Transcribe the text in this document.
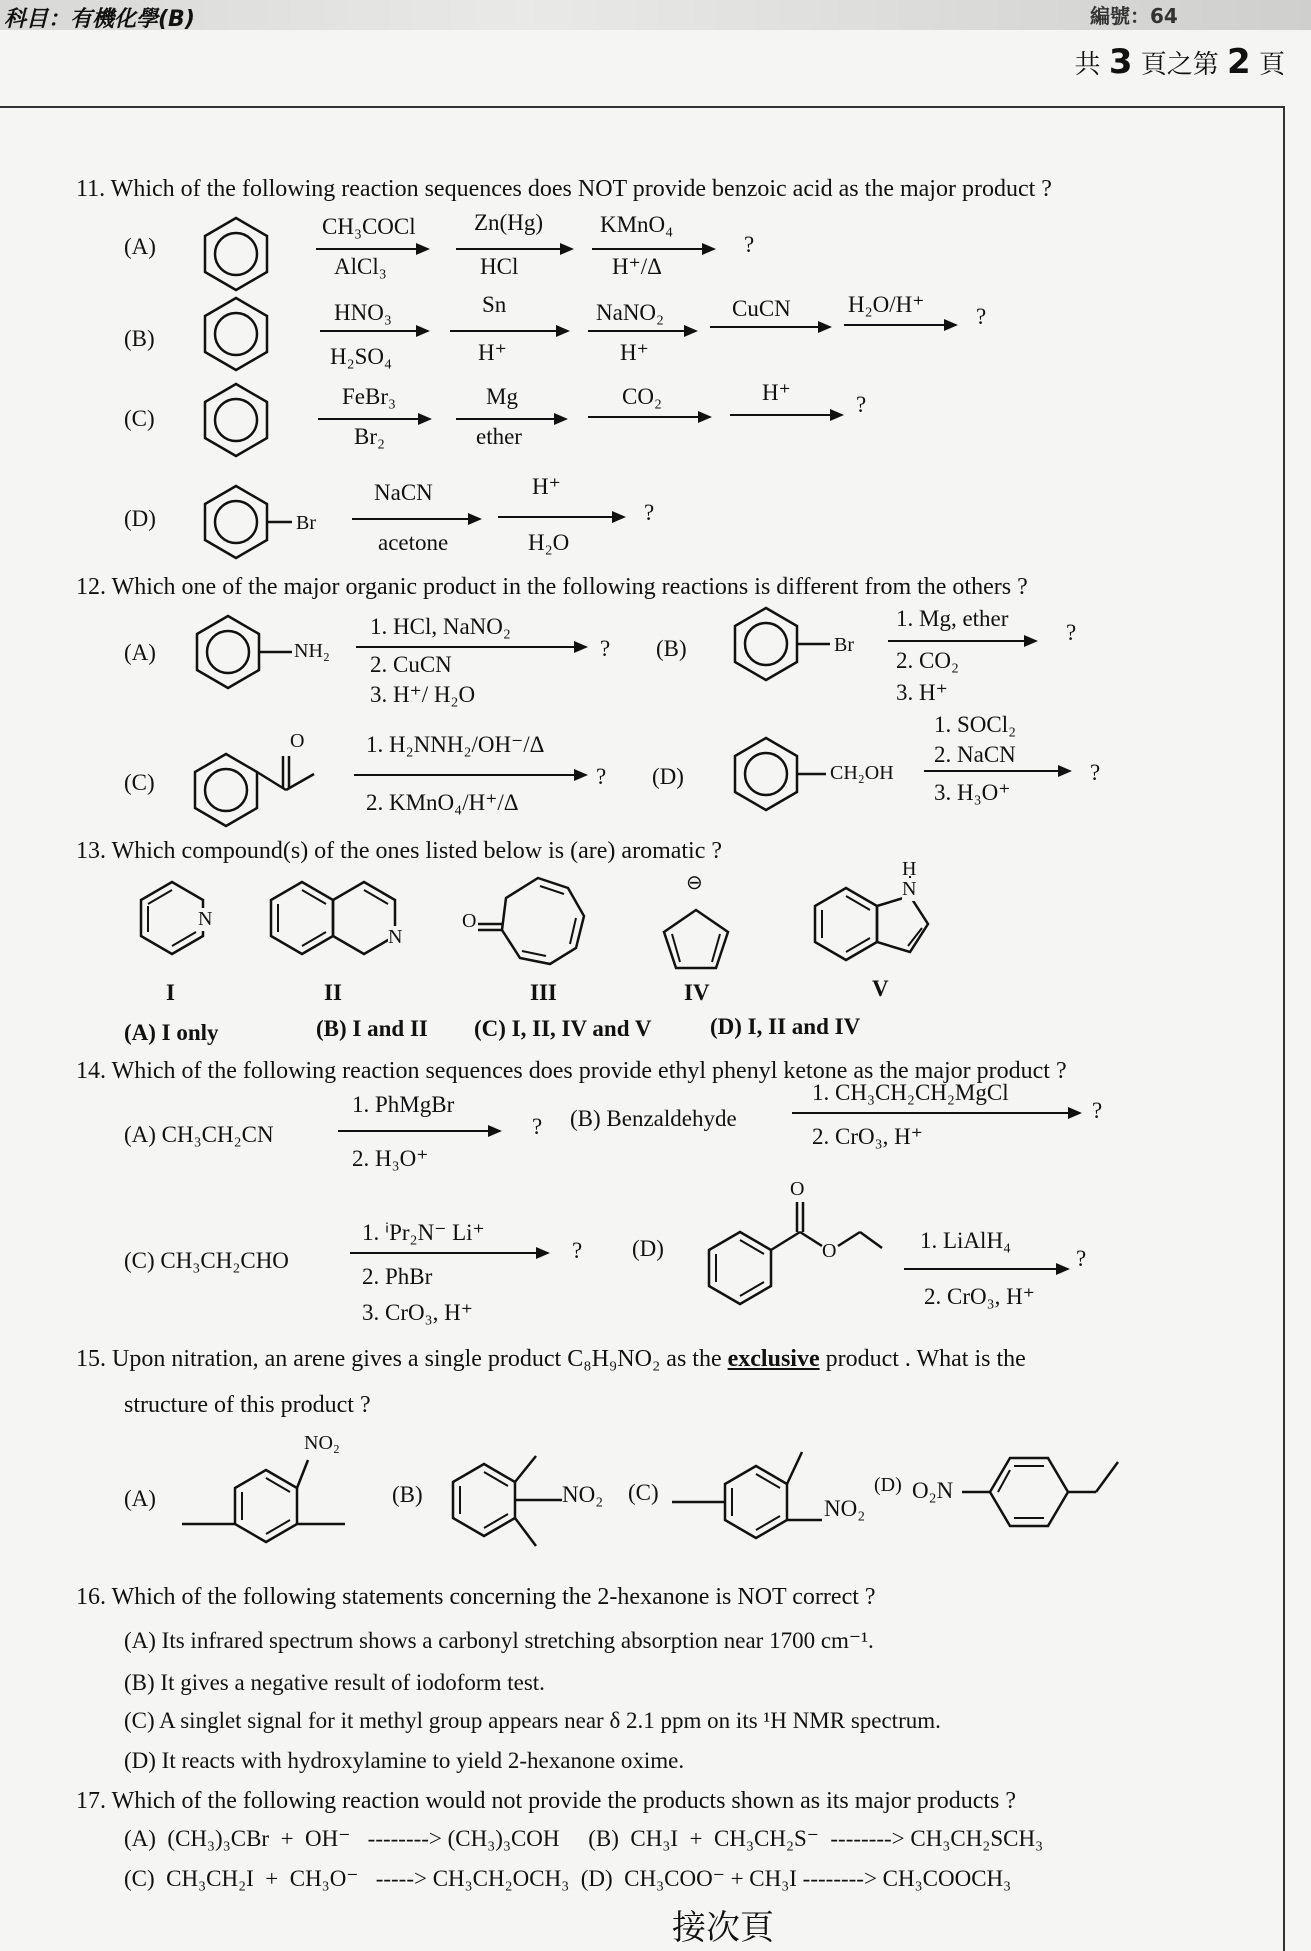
科目：有機化學(B)	編號：64
共 3 頁之第 2 頁
11. Which of the following reaction sequences does NOT provide benzoic acid as the major product ?
(A)
CH₃COCl
AlCl₃
Zn(Hg)
HCl
KMnO₄
H⁺/Δ
?
(B)
HNO₃
H₂SO₄
Sn
H⁺
NaNO₂
H⁺
CuCN H₂O/H⁺ ?
(C)
FeBr₃
Br₂
Mg
ether
CO₂	H⁺	?
(D)	Br
NaCN
acetone
H⁺
H₂O
?
12. Which one of the major organic product in the following reactions is different from the others ?
(A)	NH₂
1. HCl, NaNO₂
2. CuCN
3. H⁺/ H₂O
? (B)	Br
1. Mg, ether
2. CO₂
3. H⁺
?
(C)
O	1. H₂NNH₂/OH⁻/Δ
2. KMnO₄/H⁺/Δ
? (D)	CH₂OH
1. SOCl₂
2. NaCN
3. H₃O⁺
?
13. Which compound(s) of the ones listed below is (are) aromatic ?
N
I
N
II
O
III
⊖
IV
N
H
V
(A) I only	(B) I and II (C) I, II, IV and V	(D) I, II and IV
14. Which of the following reaction sequences does provide ethyl phenyl ketone as the major product ?
(A) CH₃CH₂CN
1. PhMgBr
2. H₃O⁺
? (B) Benzaldehyde
1. CH₃CH₂CH₂MgCl
2. CrO₃, H⁺
?
(C) CH₃CH₂CHO
1. ⁱPr₂N⁻ Li⁺
2. PhBr
3. CrO₃, H⁺
? (D)
O
O	1. LiAlH₄
2. CrO₃, H⁺
?
15. Upon nitration, an arene gives a single product C₈H₉NO₂ as the exclusive product . What is the
structure of this product ?
(A)
NO₂
(B)	NO₂ (C)
NO₂
(D) O₂N
16. Which of the following statements concerning the 2-hexanone is NOT correct ?
(A) Its infrared spectrum shows a carbonyl stretching absorption near 1700 cm⁻¹.
(B) It gives a negative result of iodoform test.
(C) A singlet signal for it methyl group appears near δ 2.1 ppm on its ¹H NMR spectrum.
(D) It reacts with hydroxylamine to yield 2-hexanone oxime.
17. Which of the following reaction would not provide the products shown as its major products ?
(A)  (CH₃)₃CBr  +  OH⁻   --------> (CH₃)₃COH     (B)  CH₃I  +  CH₃CH₂S⁻  --------> CH₃CH₂SCH₃
(C)  CH₃CH₂I  +  CH₃O⁻   -----> CH₃CH₂OCH₃  (D)  CH₃COO⁻ + CH₃I --------> CH₃COOCH₃
接次頁
